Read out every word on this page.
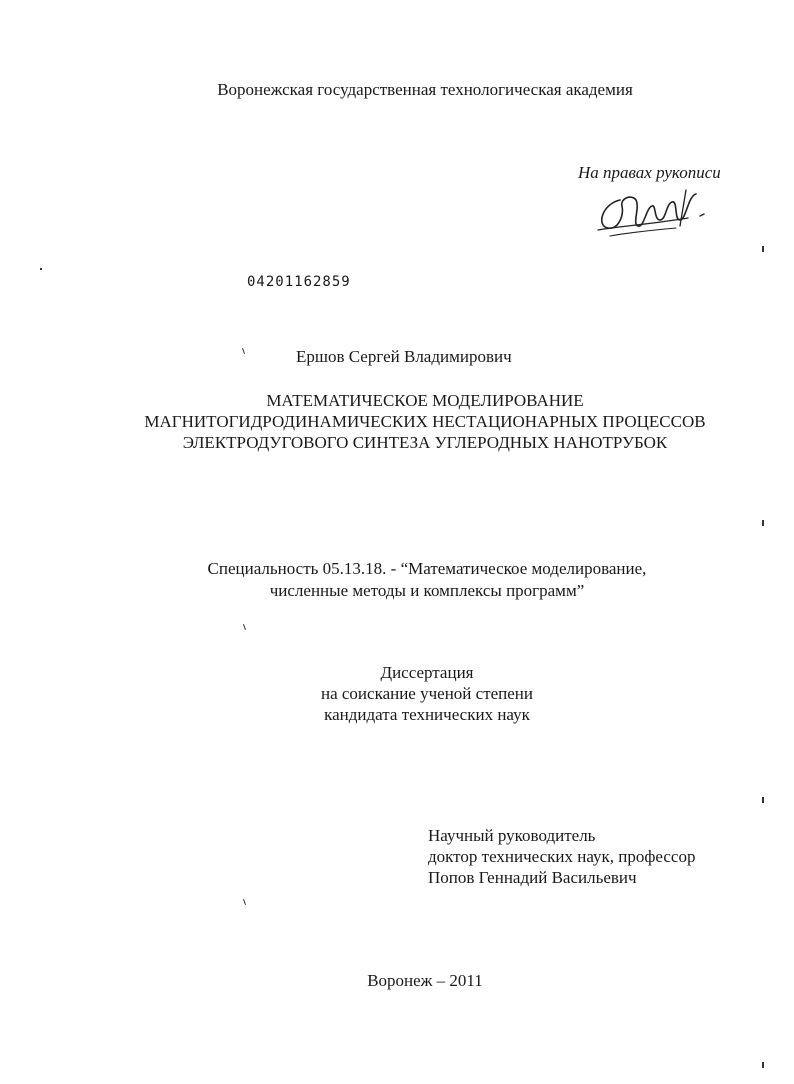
Воронежская государственная технологическая академия
На правах рукописи
04201162859
Ершов Сергей Владимирович
МАТЕМАТИЧЕСКОЕ МОДЕЛИРОВАНИЕ
МАГНИТОГИДРОДИНАМИЧЕСКИХ НЕСТАЦИОНАРНЫХ ПРОЦЕССОВ
ЭЛЕКТРОДУГОВОГО СИНТЕЗА УГЛЕРОДНЫХ НАНОТРУБОК
Специальность 05.13.18. - “Математическое моделирование,
численные методы и комплексы программ”
Диссертация
на соискание ученой степени
кандидата технических наук
Научный руководитель
доктор технических наук, профессор
Попов Геннадий Васильевич
Воронеж – 2011
